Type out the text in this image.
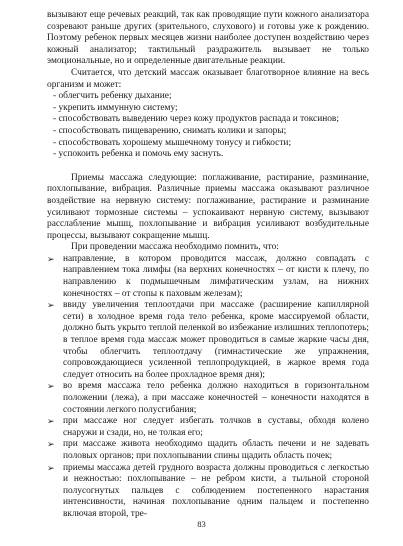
вызывают еще речевых реакций, так как проводящие пути кожного анализатора созревают раньше других (зрительного, слухового) и готовы уже к рождению. Поэтому ребенок первых месяцев жизни наиболее доступен воздействию через кожный анализатор; тактильный раздражитель вызывает не только эмоциональные, но и определенные двигательные реакции.

Считается, что детский массаж оказывает благотворное влияние на весь организм и может:

- облегчить ребенку дыхание;
- укрепить иммунную систему;
- способствовать выведению через кожу продуктов распада и токсинов;
- способствовать пищеварению, снимать колики и запоры;
- способствовать хорошему мышечному тонусу и гибкости;
- успокоить ребенка и помочь ему заснуть.

Приемы массажа следующие: поглаживание, растирание, разминание, похлопывание, вибрация. Различные приемы массажа оказывают различное воздействие на нервную систему: поглаживание, растирание и разминание усиливают тормозные системы – успокаивают нервную систему, вызывают расслабление мышц, похлопывание и вибрация усиливают возбудительные процессы, вызывают сокращение мышц.

При проведении массажа необходимо помнить, что:

➢ направление, в котором проводится массаж, должно совпадать с направлением тока лимфы (на верхних конечностях – от кисти к плечу, по направлению к подмышечным лимфатическим узлам, на нижних конечностях – от стопы к паховым железам);
➢ ввиду увеличения теплоотдачи при массаже (расширение капиллярной сети) в холодное время года тело ребенка, кроме массируемой области, должно быть укрыто теплой пеленкой во избежание излишних теплопотерь; в теплое время года массаж может проводиться в самые жаркие часы дня, чтобы облегчить теплоотдачу (гимнастические же упражнения, сопровождающиеся усиленной теплопродукцией, в жаркое время года следует относить на более прохладное время дня);
➢ во время массажа тело ребенка должно находиться в горизонтальном положении (лежа), а при массаже конечностей – конечности находятся в состоянии легкого полусгибания;
➢ при массаже ног следует избегать толчков в суставы, обходя колено снаружи и сзади, но, не толкая его;
➢ при массаже живота необходимо щадить область печени и не задевать половых органов; при похлопывании спины щадить область почек;
➢ приемы массажа детей грудного возраста должны проводиться с легкостью и нежностью: похлопывание – не ребром кисти, а тыльной стороной полусогнутых пальцев с соблюдением постепенного нарастания интенсивности, начиная похлопывание одним пальцем и постепенно включая второй, тре-
83
